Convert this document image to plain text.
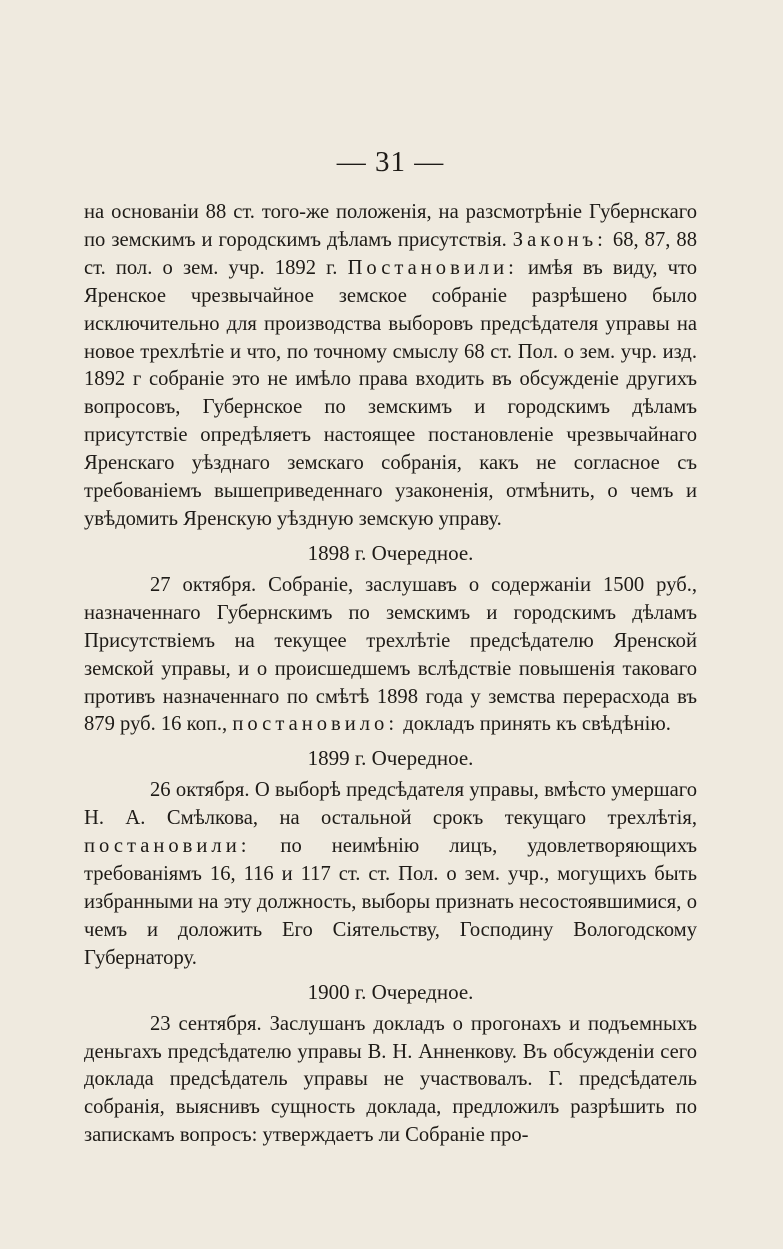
— 31 —

на основанiи 88 ст. того-же положенiя, на разсмотрѣнiе Губернскаго по земскимъ и городскимъ дѣламъ присутствiя. Законъ: 68, 87, 88 ст. пол. о зем. учр. 1892 г. Постановили: имѣя въ виду, что Яренское чрезвычайное земское собранiе разрѣшено было исключительно для производства выборовъ предсѣдателя управы на новое трехлѣтiе и что, по точному смыслу 68 ст. Пол. о зем. учр. изд. 1892 г собранiе это не имѣло права входить въ обсужденiе другихъ вопросовъ, Губернское по земскимъ и городскимъ дѣламъ присутствiе опредѣляетъ настоящее постановленiе чрезвычайнаго Яренскаго уѣзднаго земскаго собранiя, какъ не согласное съ требованiемъ вышеприведеннаго узаконенiя, отмѣнить, о чемъ и увѣдомить Яренскую уѣздную земскую управу.

1898 г. Очередное.

27 октября. Собранiе, заслушавъ о содержанiи 1500 руб., назначеннаго Губернскимъ по земскимъ и городскимъ дѣламъ Присутствiемъ на текущее трехлѣтiе предсѣдателю Яренской земской управы, и о происшедшемъ вслѣдствiе повышенiя таковаго противъ назначеннаго по смѣтѣ 1898 года у земства перерасхода въ 879 руб. 16 коп., постановило: докладъ принять къ свѣдѣнiю.

1899 г. Очередное.

26 октября. О выборѣ предсѣдателя управы, вмѣсто умершаго Н. А. Смѣлкова, на остальной срокъ текущаго трехлѣтiя, постановили: по неимѣнiю лицъ, удовлетворяющихъ требованiямъ 16, 116 и 117 ст. ст. Пол. о зем. учр., могущихъ быть избранными на эту должность, выборы признать несостоявшимися, о чемъ и доложить Его Сiятельству, Господину Вологодскому Губернатору.

1900 г. Очередное.

23 сентября. Заслушанъ докладъ о прогонахъ и подъемныхъ деньгахъ предсѣдателю управы В. Н. Анненкову. Въ обсужденiи сего доклада предсѣдатель управы не участвовалъ. Г. предсѣдатель собранiя, выяснивъ сущность доклада, предложилъ разрѣшить по запискамъ вопросъ: утверждаетъ ли Собранiе про-
